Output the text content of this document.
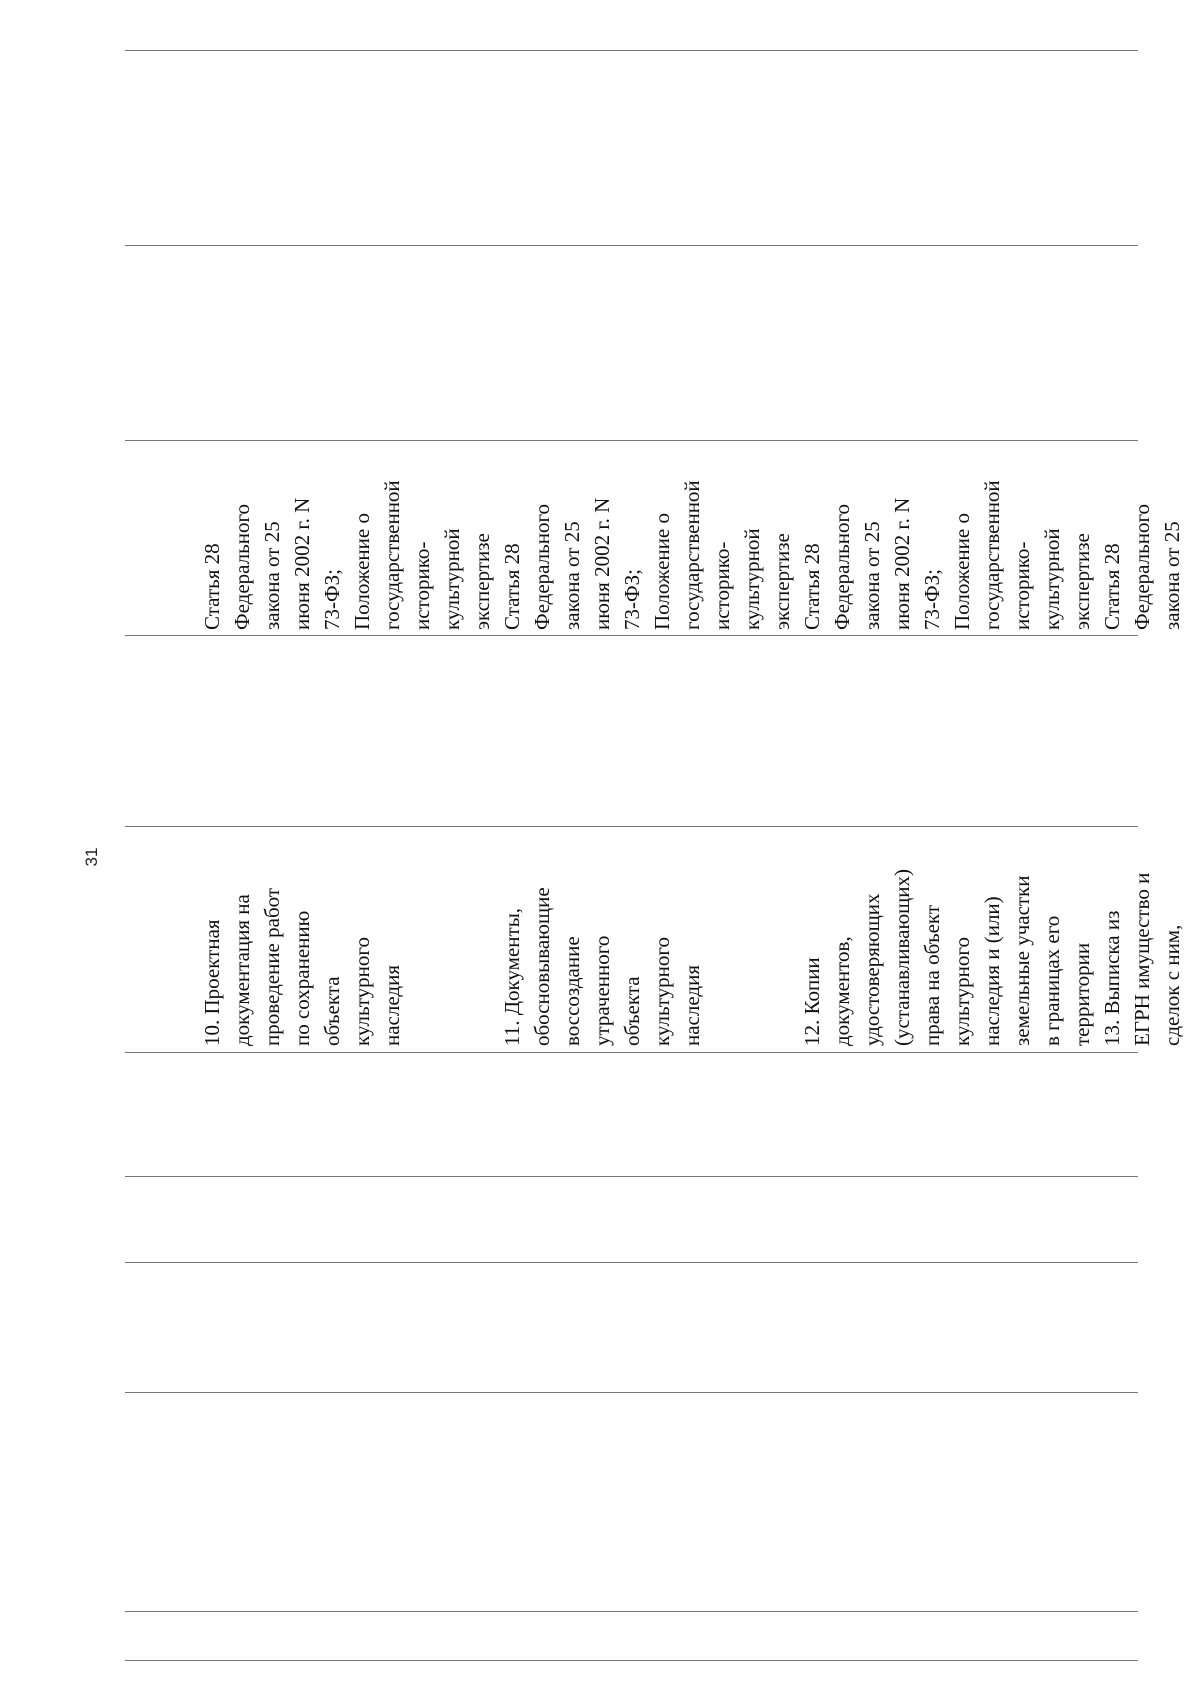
31

10. Проектная
документация на
проведение работ
по сохранению
объекта
культурного
наследия

	11. Документы,
обосновывающие
воссоздание
утраченного
объекта
культурного
наследия

	12. Копии
документов,
удостоверяющих
(устанавливающих)
права на объект
культурного
наследия и (или)
земельные участки
в границах его
территории

13. Выписка из
ЕГРН имущество и
сделок с ним,

Статья 28
Федерального
закона от 25
июня 2002 г. N
73-ФЗ;
Положение о
государственной
историко-
культурной
экспертизе

Статья 28
Федерального
закона от 25
июня 2002 г. N
73-ФЗ;
Положение о
государственной
историко-
культурной
экспертизе

Статья 28
Федерального
закона от 25
июня 2002 г. N
73-ФЗ;
Положение о
государственной
историко-
культурной
экспертизе

Статья 28
Федерального
закона от 25
